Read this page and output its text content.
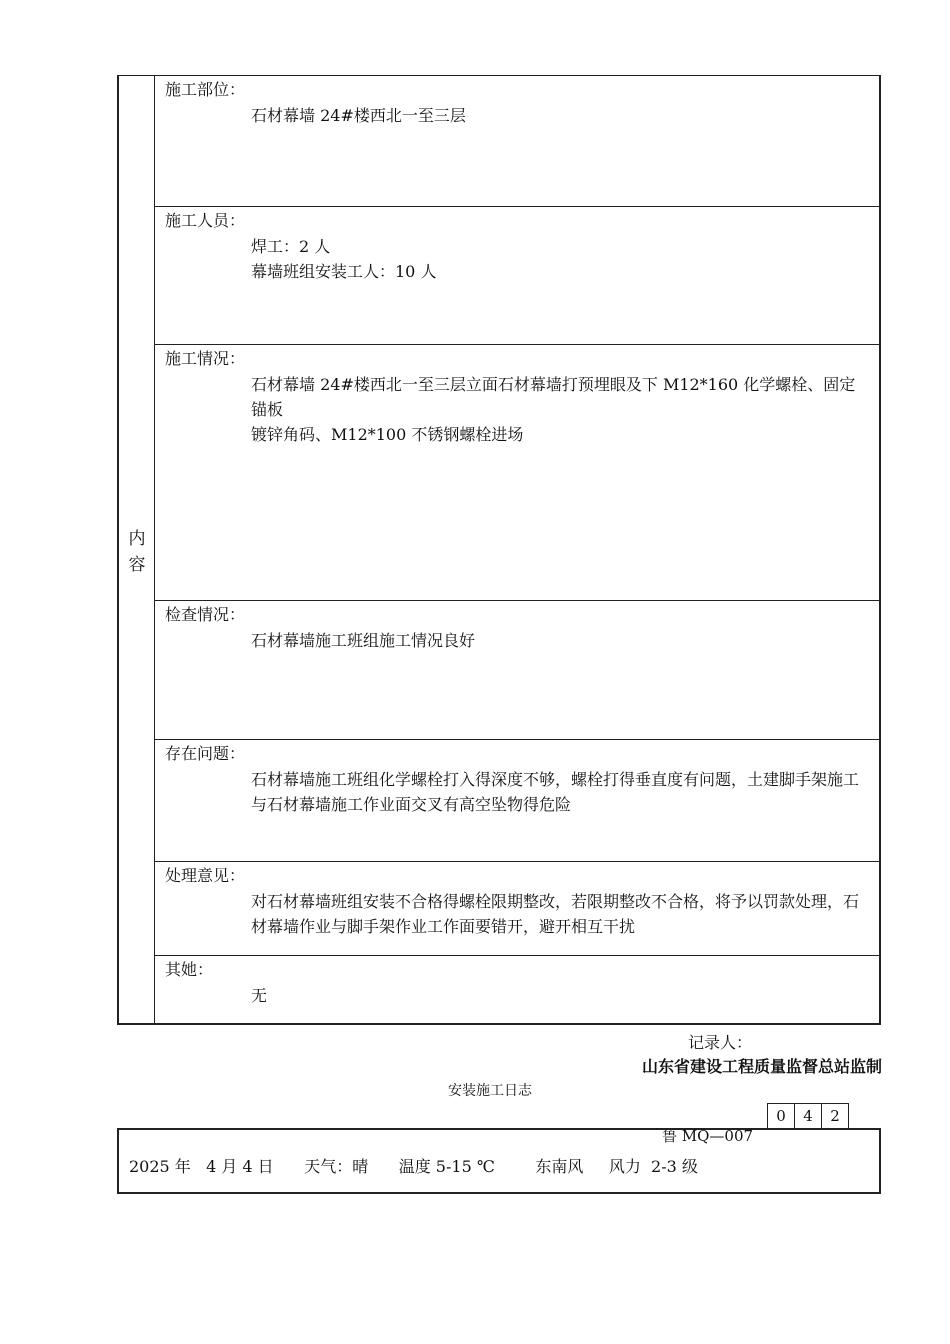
内
容
施工部位：
石材幕墙 24#楼西北一至三层
施工人员：
焊工：2 人
幕墙班组安装工人：10 人
施工情况：
石材幕墙 24#楼西北一至三层立面石材幕墙打预埋眼及下 M12*160 化学螺栓、固定锚板
镀锌角码、M12*100 不锈钢螺栓进场
检查情况：
石材幕墙施工班组施工情况良好
存在问题：
石材幕墙施工班组化学螺栓打入得深度不够，螺栓打得垂直度有问题，土建脚手架施工与石材幕墙施工作业面交叉有高空坠物得危险
处理意见：
对石材幕墙班组安装不合格得螺栓限期整改，若限期整改不合格，将予以罚款处理，石材幕墙作业与脚手架作业工作面要错开，避开相互干扰
其她：
无
记录人：
山东省建设工程质量监督总站监制
安装施工日志
0	4	2
鲁 MQ—007
2025 年   4 月 4 日      天气：晴      温度 5-15 ℃        东南风     风力  2-3 级
